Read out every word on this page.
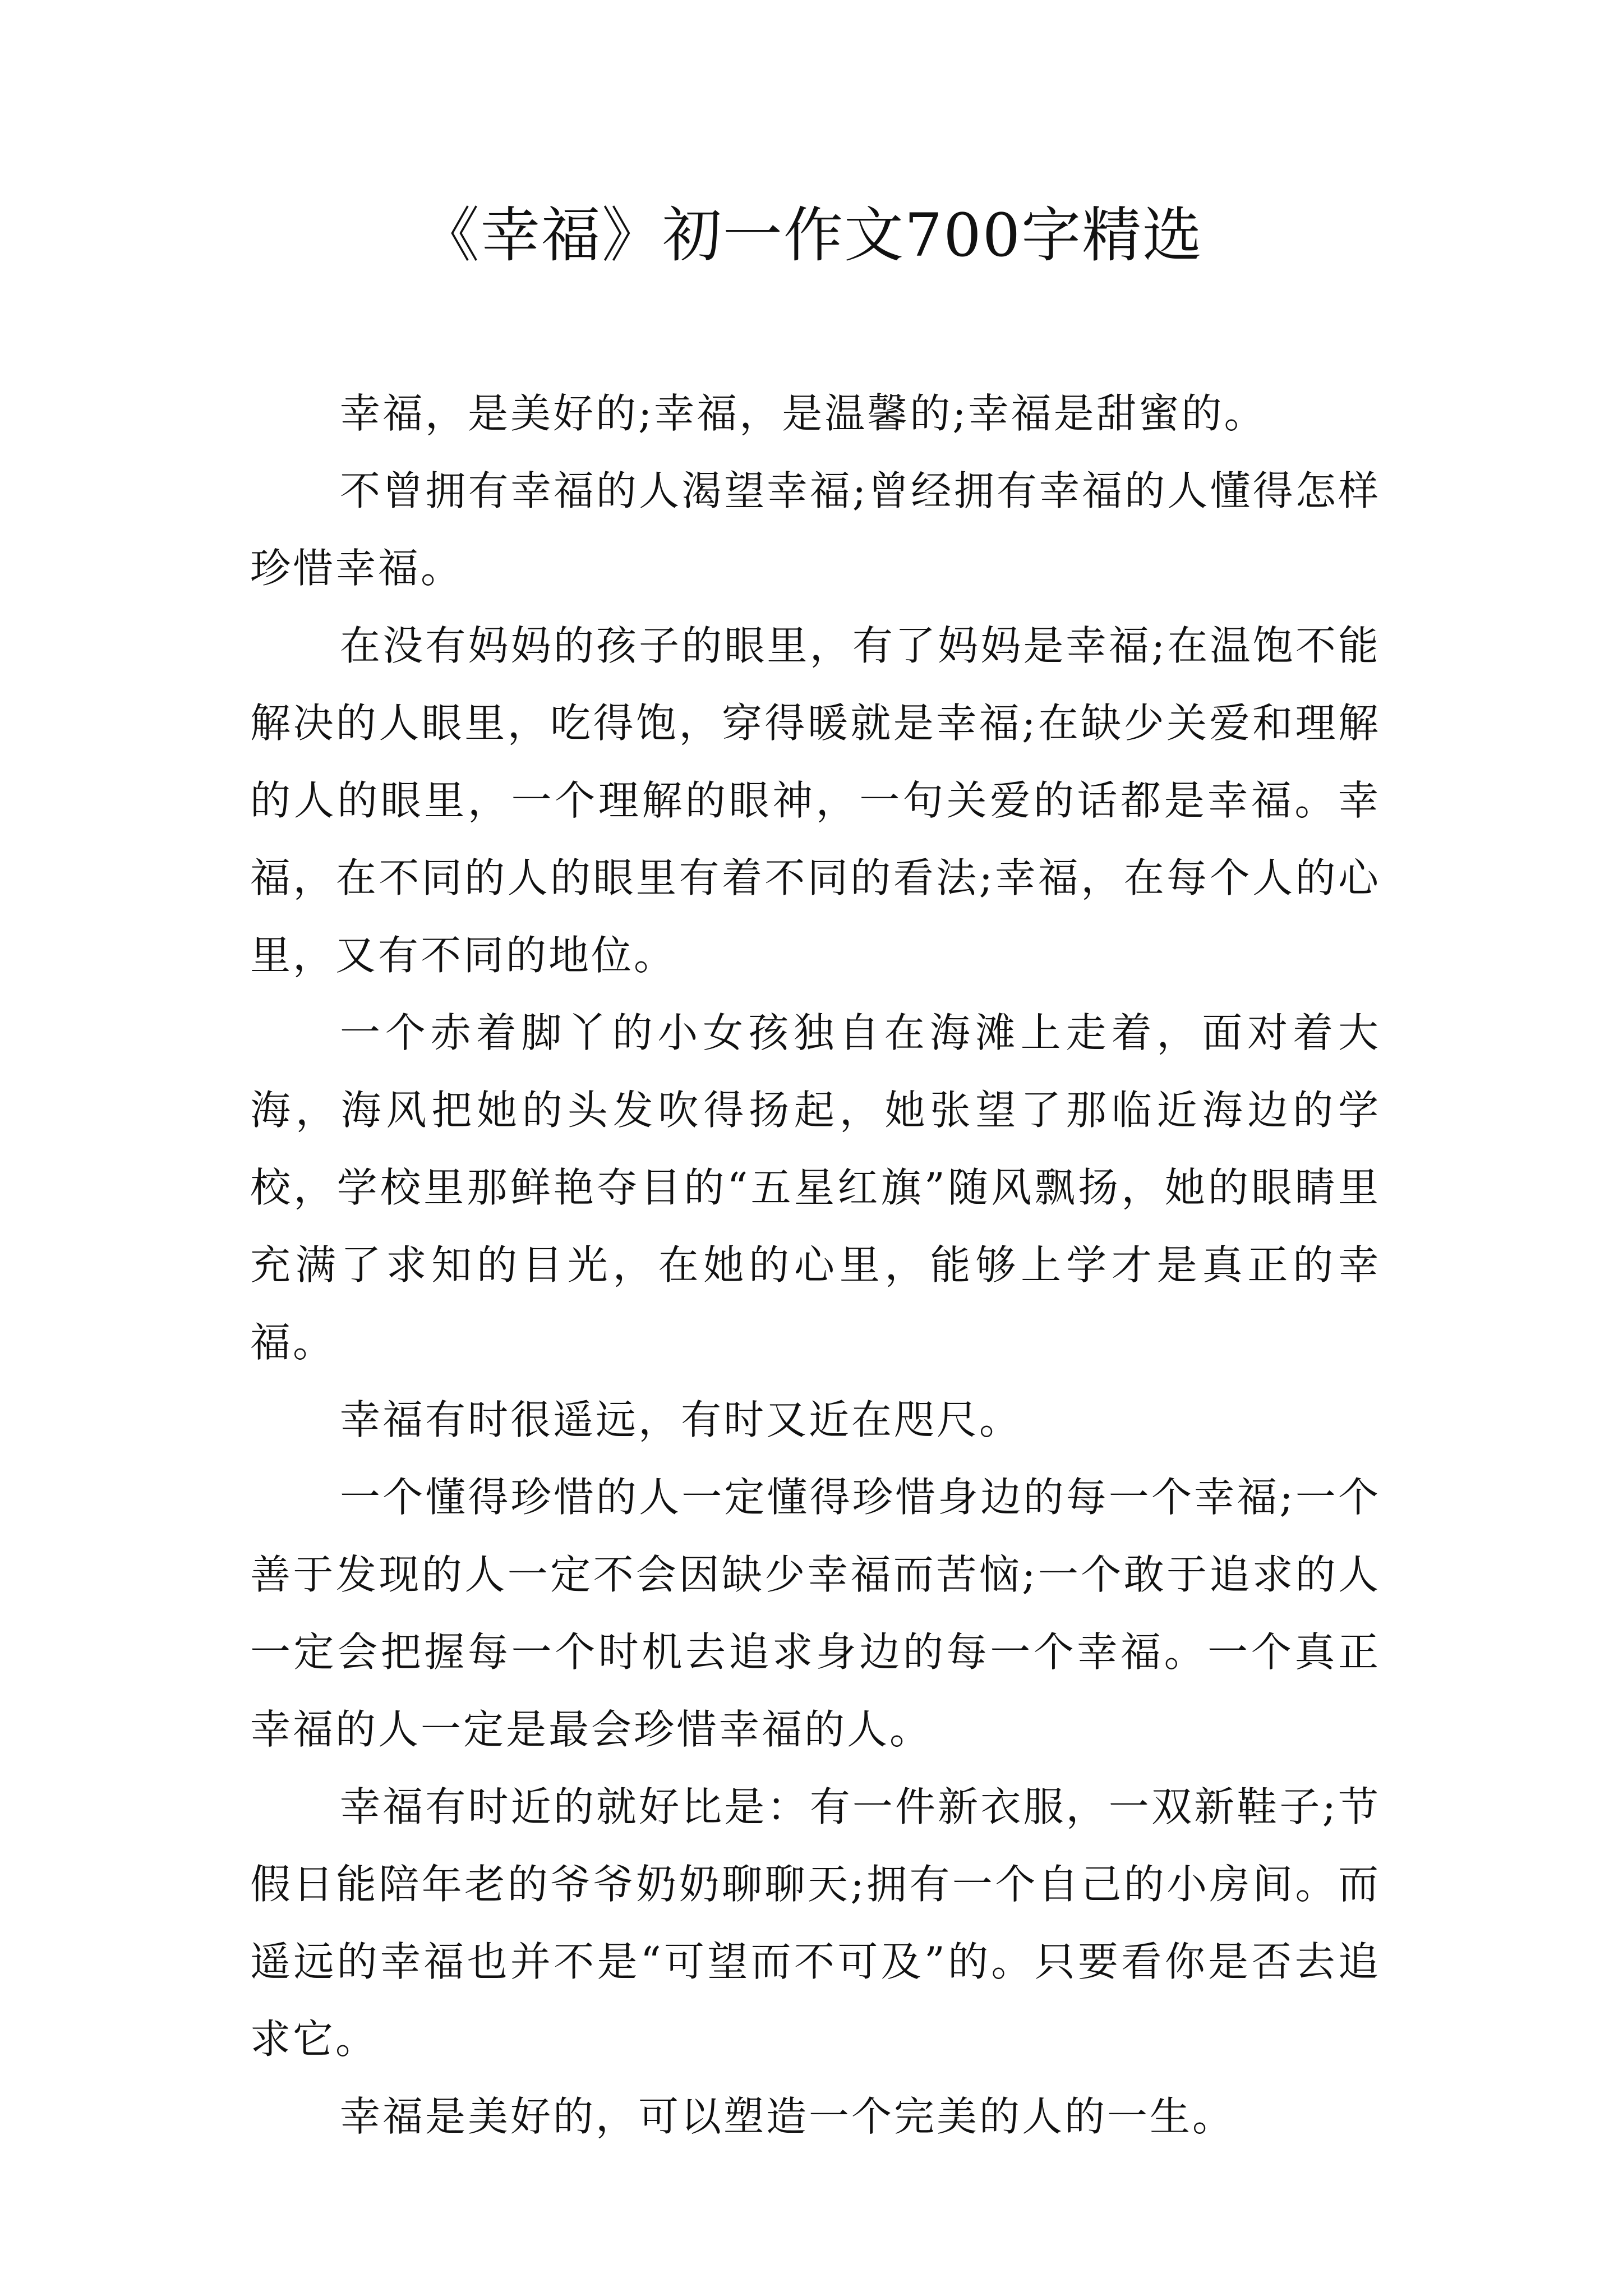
《幸福》初一作文700字精选

幸福，是美好的;幸福，是温馨的;幸福是甜蜜的。

不曾拥有幸福的人渴望幸福;曾经拥有幸福的人懂得怎样珍惜幸福。

在没有妈妈的孩子的眼里，有了妈妈是幸福;在温饱不能解决的人眼里，吃得饱，穿得暖就是幸福;在缺少关爱和理解的人的眼里，一个理解的眼神，一句关爱的话都是幸福。幸福，在不同的人的眼里有着不同的看法;幸福，在每个人的心里，又有不同的地位。

一个赤着脚丫的小女孩独自在海滩上走着，面对着大海，海风把她的头发吹得扬起，她张望了那临近海边的学校，学校里那鲜艳夺目的“五星红旗”随风飘扬，她的眼睛里充满了求知的目光，在她的心里，能够上学才是真正的幸福。

幸福有时很遥远，有时又近在咫尺。

一个懂得珍惜的人一定懂得珍惜身边的每一个幸福;一个善于发现的人一定不会因缺少幸福而苦恼;一个敢于追求的人一定会把握每一个时机去追求身边的每一个幸福。一个真正幸福的人一定是最会珍惜幸福的人。

幸福有时近的就好比是：有一件新衣服，一双新鞋子;节假日能陪年老的爷爷奶奶聊聊天;拥有一个自己的小房间。而遥远的幸福也并不是“可望而不可及”的。只要看你是否去追求它。

幸福是美好的，可以塑造一个完美的人的一生。
